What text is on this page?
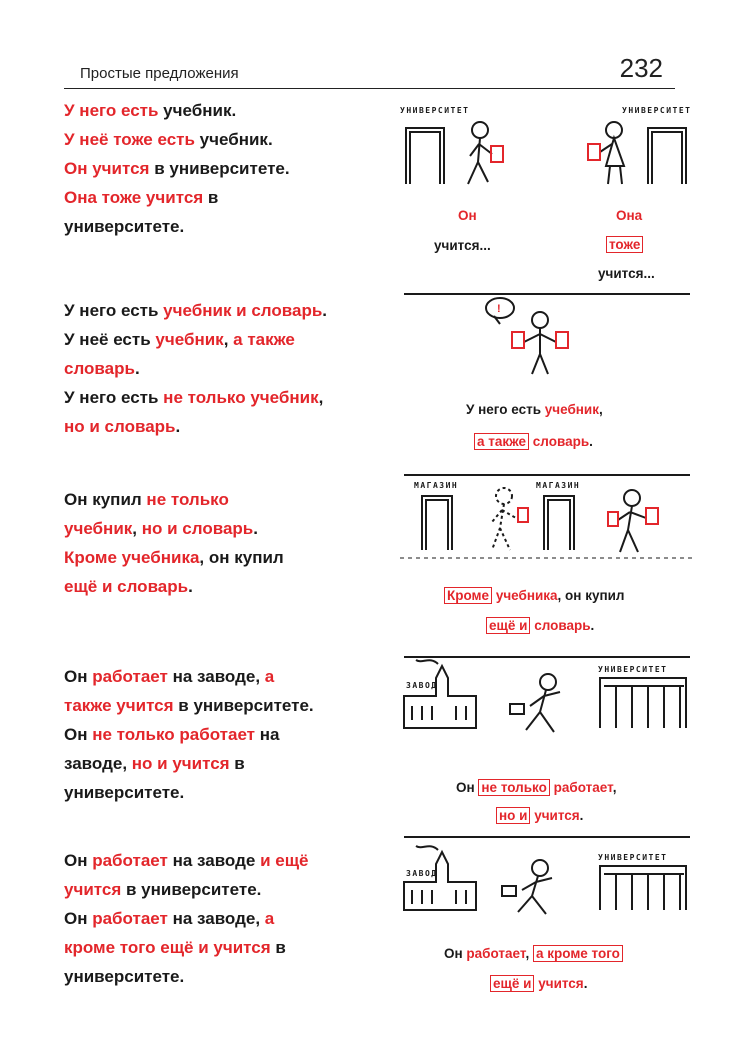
Простые предложения	232

У него есть учебник.

У неё тоже есть учебник.

Он учится в университете.

Она тоже учится в

университете.

УНИВЕРСИТЕТ	УНИВЕРСИТЕТ
Он	Она
учится...	тоже
учится...

У него есть учебник и словарь.

У неё есть учебник, а также

словарь.

У него есть не только учебник,

но и словарь.

!
У него есть учебник,
а также словарь.

Он купил не только

учебник, но и словарь.

Кроме учебника, он купил

ещё и словарь.

МАГАЗИН	МАГАЗИН
Кроме учебника, он купил
ещё и словарь.

Он работает на заводе, а

также учится в университете.

Он не только работает на

заводе, но и учится в

университете.

ЗАВОД
УНИВЕРСИТЕТ
Он не только работает,
но и учится.

Он работает на заводе и ещё

учится в университете.

Он работает на заводе, а

кроме того ещё и учится в

университете.

ЗАВОД
УНИВЕРСИТЕТ
Он работает, а кроме того
ещё и учится.
